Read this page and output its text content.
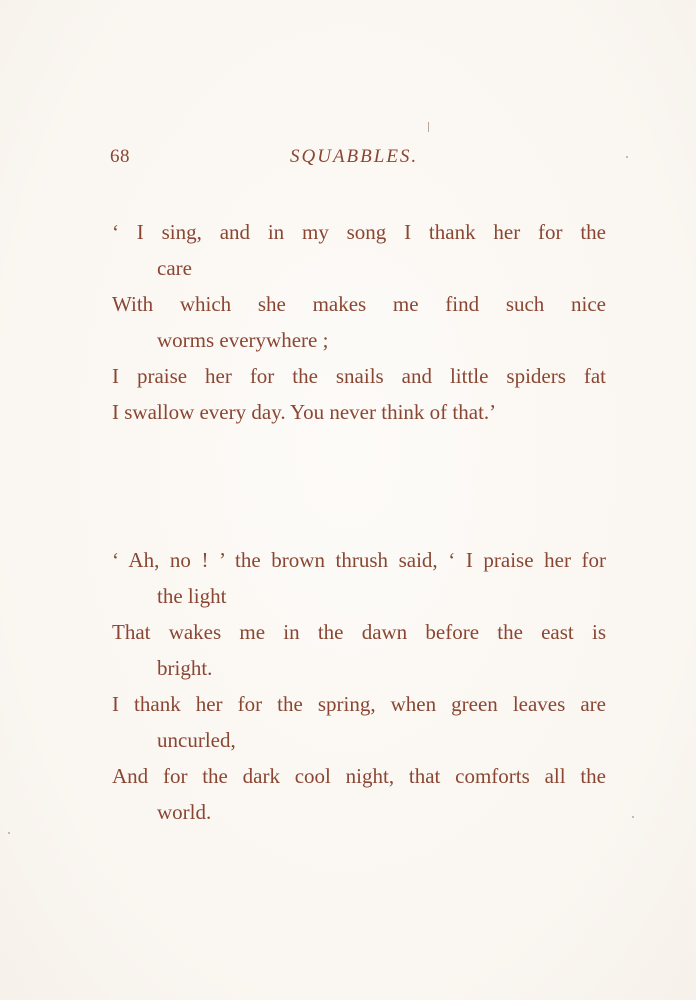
68	SQUABBLES.
‘ I sing, and in my song I thank her for the
care
With which she makes me find such nice
worms everywhere ;
I praise her for the snails and little spiders fat
I swallow every day. You never think of that.’
‘ Ah, no ! ’ the brown thrush said, ‘ I praise her for
the light
That wakes me in the dawn before the east is
bright.
I thank her for the spring, when green leaves are
uncurled,
And for the dark cool night, that comforts all the
world.
